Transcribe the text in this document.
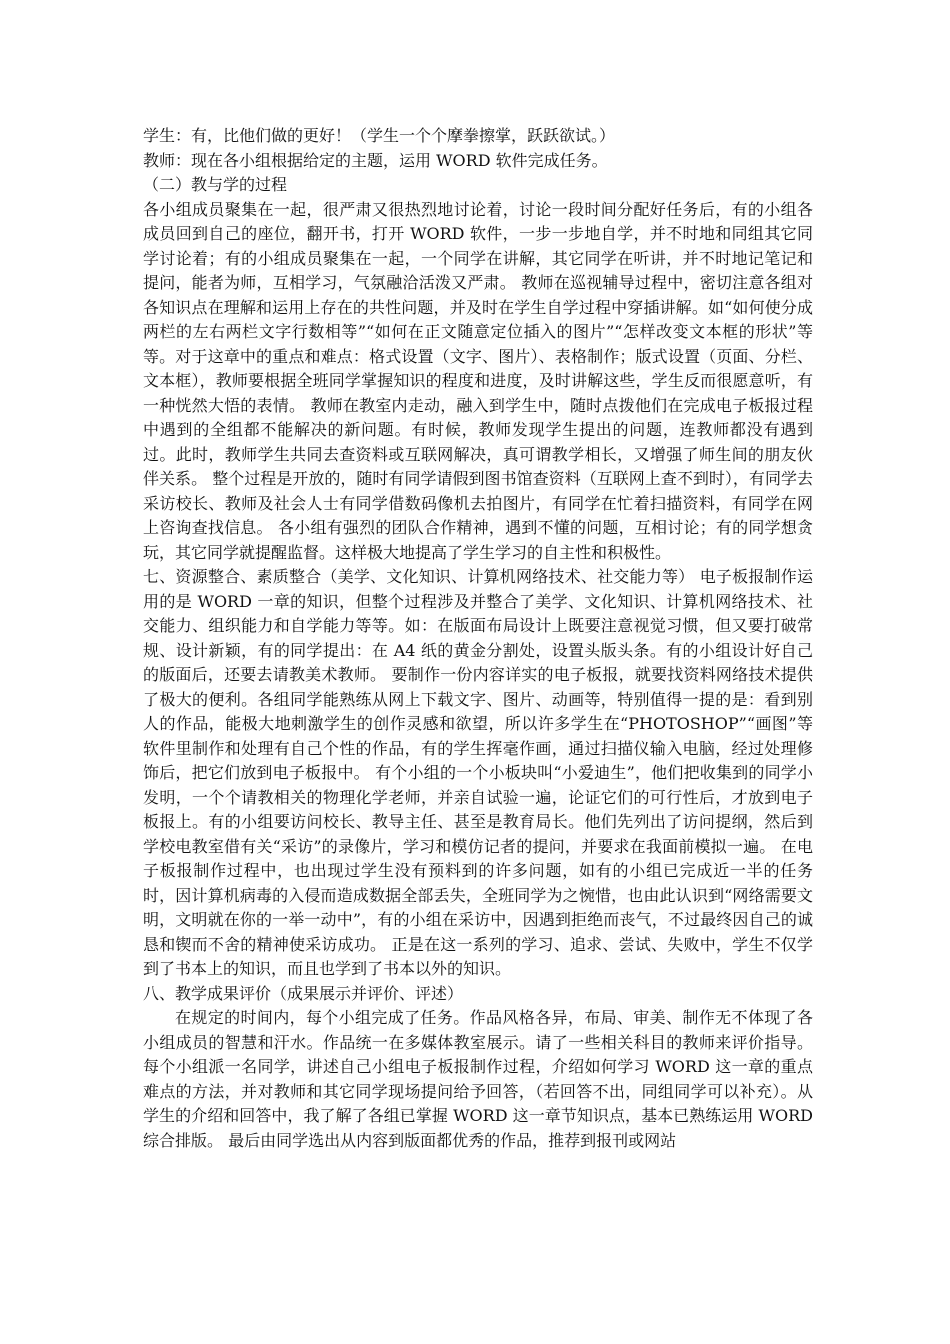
学生：有，比他们做的更好！（学生一个个摩拳擦掌，跃跃欲试。）

教师：现在各小组根据给定的主题，运用 WORD 软件完成任务。

（二）教与学的过程

各小组成员聚集在一起，很严肃又很热烈地讨论着，讨论一段时间分配好任务后，有的小组各成员回到自己的座位，翻开书，打开 WORD 软件，一步一步地自学，并不时地和同组其它同学讨论着；有的小组成员聚集在一起，一个同学在讲解，其它同学在听讲，并不时地记笔记和提问，能者为师，互相学习，气氛融洽活泼又严肃。 教师在巡视辅导过程中，密切注意各组对各知识点在理解和运用上存在的共性问题，并及时在学生自学过程中穿插讲解。如“如何使分成两栏的左右两栏文字行数相等”“如何在正文随意定位插入的图片”“怎样改变文本框的形状”等等。对于这章中的重点和难点：格式设置（文字、图片）、表格制作；版式设置（页面、分栏、文本框），教师要根据全班同学掌握知识的程度和进度，及时讲解这些，学生反而很愿意听，有一种恍然大悟的表情。 教师在教室内走动，融入到学生中，随时点拨他们在完成电子板报过程中遇到的全组都不能解决的新问题。有时候，教师发现学生提出的问题，连教师都没有遇到过。此时，教师学生共同去查资料或互联网解决，真可谓教学相长，又增强了师生间的朋友伙伴关系。 整个过程是开放的，随时有同学请假到图书馆查资料（互联网上查不到时），有同学去采访校长、教师及社会人士有同学借数码像机去拍图片，有同学在忙着扫描资料，有同学在网上咨询查找信息。 各小组有强烈的团队合作精神，遇到不懂的问题，互相讨论；有的同学想贪玩，其它同学就提醒监督。这样极大地提高了学生学习的自主性和积极性。

七、资源整合、素质整合（美学、文化知识、计算机网络技术、社交能力等） 电子板报制作运用的是 WORD 一章的知识，但整个过程涉及并整合了美学、文化知识、计算机网络技术、社交能力、组织能力和自学能力等等。如：在版面布局设计上既要注意视觉习惯，但又要打破常规、设计新颖，有的同学提出：在 A4 纸的黄金分割处，设置头版头条。有的小组设计好自己的版面后，还要去请教美术教师。 要制作一份内容详实的电子板报，就要找资料网络技术提供了极大的便利。各组同学能熟练从网上下载文字、图片、动画等，特别值得一提的是：看到别人的作品，能极大地刺激学生的创作灵感和欲望，所以许多学生在“PHOTOSHOP”“画图”等软件里制作和处理有自己个性的作品，有的学生挥毫作画，通过扫描仪输入电脑，经过处理修饰后，把它们放到电子板报中。 有个小组的一个小板块叫“小爱迪生”，他们把收集到的同学小发明，一个个请教相关的物理化学老师，并亲自试验一遍，论证它们的可行性后，才放到电子板报上。有的小组要访问校长、教导主任、甚至是教育局长。他们先列出了访问提纲，然后到学校电教室借有关“采访”的录像片，学习和模仿记者的提问，并要求在我面前模拟一遍。 在电子板报制作过程中，也出现过学生没有预料到的许多问题，如有的小组已完成近一半的任务时，因计算机病毒的入侵而造成数据全部丢失，全班同学为之惋惜，也由此认识到“网络需要文明，文明就在你的一举一动中”，有的小组在采访中，因遇到拒绝而丧气，不过最终因自己的诚恳和锲而不舍的精神使采访成功。 正是在这一系列的学习、追求、尝试、失败中，学生不仅学到了书本上的知识，而且也学到了书本以外的知识。

八、教学成果评价（成果展示并评价、评述）

在规定的时间内，每个小组完成了任务。作品风格各异，布局、审美、制作无不体现了各小组成员的智慧和汗水。作品统一在多媒体教室展示。请了一些相关科目的教师来评价指导。每个小组派一名同学，讲述自己小组电子板报制作过程，介绍如何学习 WORD 这一章的重点难点的方法，并对教师和其它同学现场提问给予回答，（若回答不出，同组同学可以补充）。从学生的介绍和回答中，我了解了各组已掌握 WORD 这一章节知识点，基本已熟练运用 WORD 综合排版。 最后由同学选出从内容到版面都优秀的作品，推荐到报刊或网站
